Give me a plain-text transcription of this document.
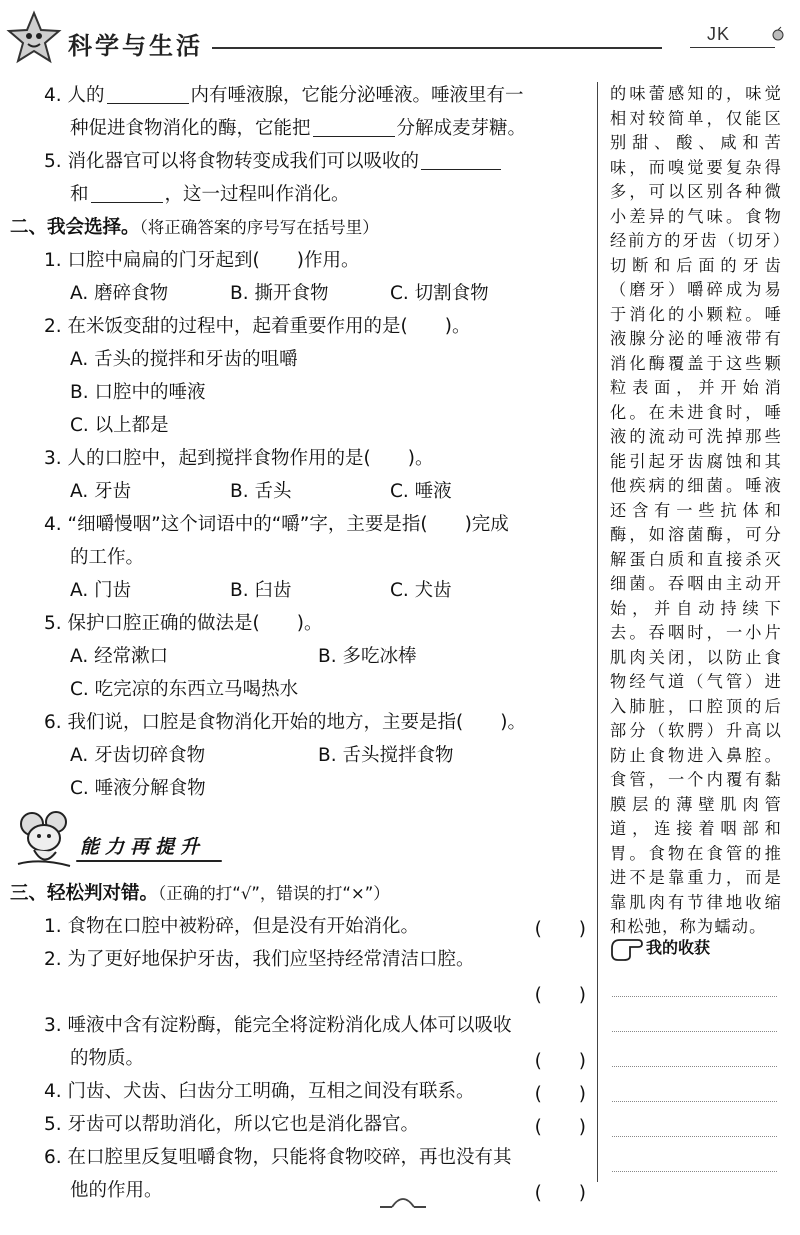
科学与生活	JK
4. 人的	内有唾液腺，它能分泌唾液。唾液里有一
种促进食物消化的酶，它能把	分解成麦芽糖。
5. 消化器官可以将食物转变成我们可以吸收的
和	，这一过程叫作消化。
二、我会选择。（将正确答案的序号写在括号里）
1. 口腔中扁扁的门牙起到(　　)作用。
A. 磨碎食物	B. 撕开食物	C. 切割食物
2. 在米饭变甜的过程中，起着重要作用的是(　　)。
A. 舌头的搅拌和牙齿的咀嚼
B. 口腔中的唾液
C. 以上都是
3. 人的口腔中，起到搅拌食物作用的是(　　)。
A. 牙齿	B. 舌头	C. 唾液
4. “细嚼慢咽”这个词语中的“嚼”字，主要是指(　　)完成
的工作。
A. 门齿	B. 臼齿	C. 犬齿
5. 保护口腔正确的做法是(　　)。
A. 经常漱口	B. 多吃冰棒
C. 吃完凉的东西立马喝热水
6. 我们说，口腔是食物消化开始的地方，主要是指(　　)。
A. 牙齿切碎食物	B. 舌头搅拌食物
C. 唾液分解食物
能力再提升
三、轻松判对错。（正确的打“√”，错误的打“×”）
1. 食物在口腔中被粉碎，但是没有开始消化。	(　　)
2. 为了更好地保护牙齿，我们应坚持经常清洁口腔。
(　　)
3. 唾液中含有淀粉酶，能完全将淀粉消化成人体可以吸收
的物质。	(　　)
4. 门齿、犬齿、臼齿分工明确，互相之间没有联系。	(　　)
5. 牙齿可以帮助消化，所以它也是消化器官。	(　　)
6. 在口腔里反复咀嚼食物，只能将食物咬碎，再也没有其
他的作用。	(　　)
的味蕾感知的，味觉相对较简单，仅能区别甜、酸、咸和苦味，而嗅觉要复杂得多，可以区别各种微小差异的气味。食物经前方的牙齿（切牙）切断和后面的牙齿（磨牙）嚼碎成为易于消化的小颗粒。唾液腺分泌的唾液带有消化酶覆盖于这些颗粒表面，并开始消化。在未进食时，唾液的流动可洗掉那些能引起牙齿腐蚀和其他疾病的细菌。唾液还含有一些抗体和酶，如溶菌酶，可分解蛋白质和直接杀灭细菌。吞咽由主动开始，并自动持续下去。吞咽时，一小片肌肉关闭，以防止食物经气道（气管）进入肺脏，口腔顶的后部分（软腭）升高以防止食物进入鼻腔。食管，一个内覆有黏膜层的薄壁肌肉管道，连接着咽部和胃。食物在食管的推进不是靠重力，而是靠肌肉有节律地收缩和松弛，称为蠕动。
我的收获
